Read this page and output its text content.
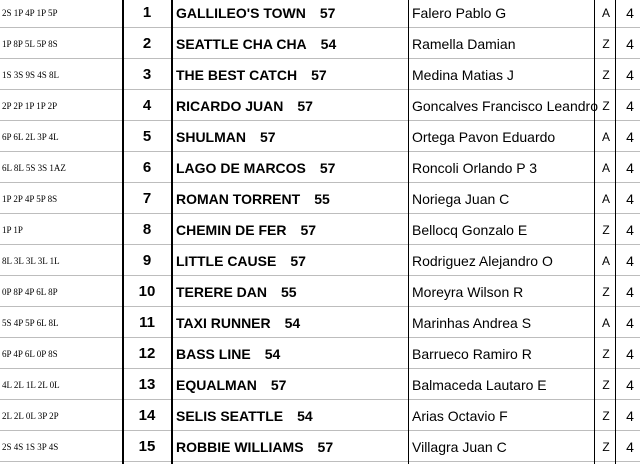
2S 4S 1S 3P 4S	15	ROBBIE WILLIAMS 57	Villagra Juan C	Z	4
2L 2L 0L 3P 2P	14	SELIS SEATTLE 54	Arias Octavio F	Z	4
4L 2L 1L 2L 0L	13	EQUALMAN 57	Balmaceda Lautaro E	Z	4
6P 4P 6L 0P 8S	12	BASS LINE 54	Barrueco Ramiro R	Z	4
5S 4P 5P 6L 8L	11	TAXI RUNNER 54	Marinhas Andrea S	A	4
0P 8P 4P 6L 8P	10	TERERE DAN 55	Moreyra Wilson R	Z	4
8L 3L 3L 3L 1L	9	LITTLE CAUSE 57	Rodriguez Alejandro O	A	4
1P 1P	8	CHEMIN DE FER 57	Bellocq Gonzalo E	Z	4
1P 2P 4P 5P 8S	7	ROMAN TORRENT 55	Noriega Juan C	A	4
6L 8L 5S 3S 1AZ	6	LAGO DE MARCOS 57	Roncoli Orlando P 3	A	4
6P 6L 2L 3P 4L	5	SHULMAN 57	Ortega Pavon Eduardo	A	4
2P 2P 1P 1P 2P	4	RICARDO JUAN 57	Goncalves Francisco Leandro Z	4
1S 3S 9S 4S 8L	3	THE BEST CATCH 57	Medina Matias J	Z	4
1P 8P 5L 5P 8S	2	SEATTLE CHA CHA 54	Ramella Damian	Z	4
2S 1P 4P 1P 5P	1	GALLILEO'S TOWN 57	Falero Pablo G	A	4
